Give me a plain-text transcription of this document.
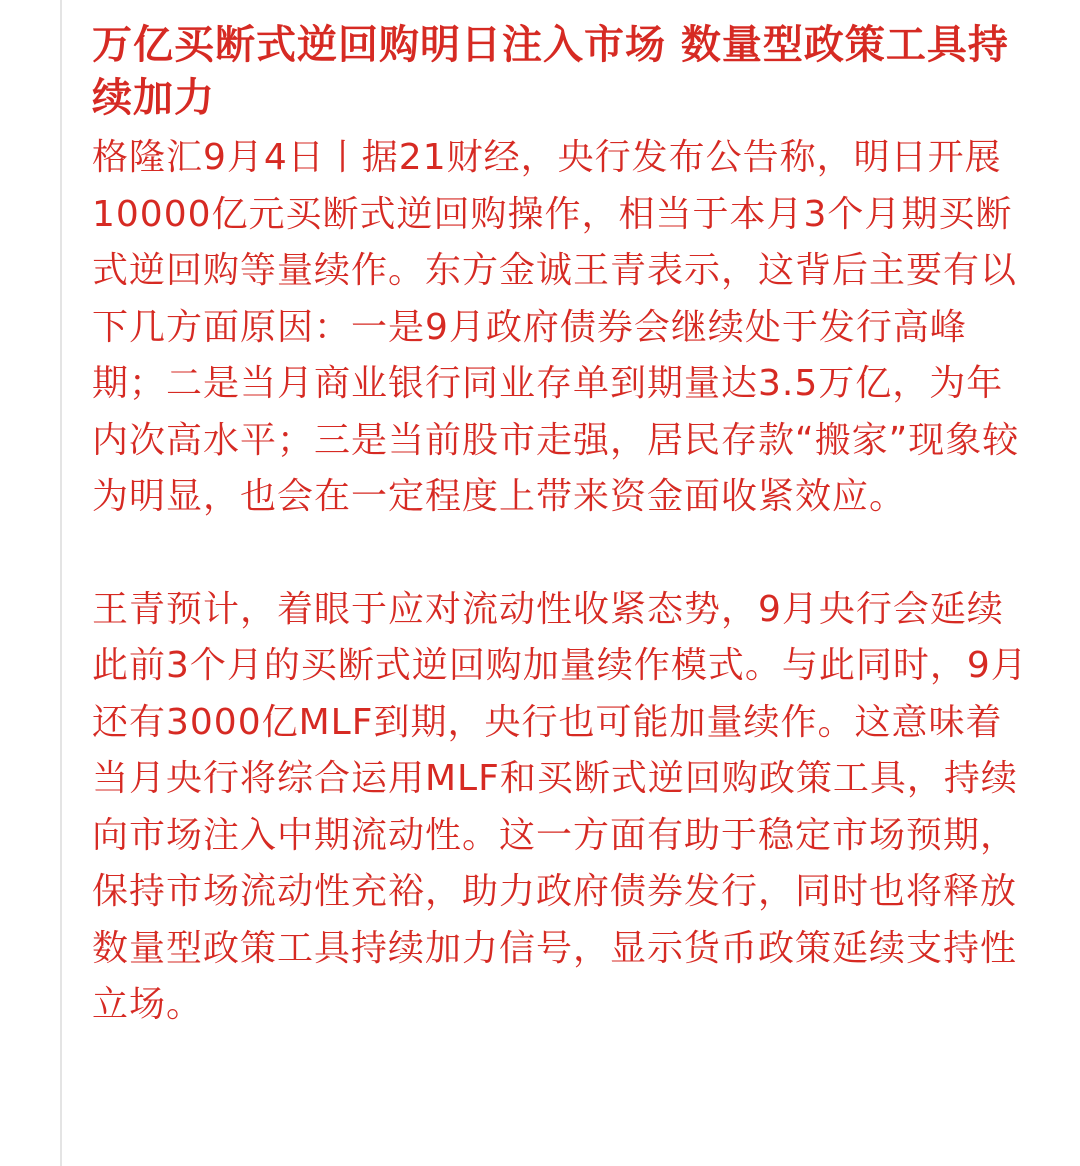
万亿买断式逆回购明日注入市场 数量型政策工具持续加力

格隆汇9月4日丨据21财经，央行发布公告称，明日开展10000亿元买断式逆回购操作，相当于本月3个月期买断式逆回购等量续作。东方金诚王青表示，这背后主要有以下几方面原因：一是9月政府债券会继续处于发行高峰期；二是当月商业银行同业存单到期量达3.5万亿，为年内次高水平；三是当前股市走强，居民存款“搬家”现象较为明显，也会在一定程度上带来资金面收紧效应。

王青预计，着眼于应对流动性收紧态势，9月央行会延续此前3个月的买断式逆回购加量续作模式。与此同时，9月还有3000亿MLF到期，央行也可能加量续作。这意味着当月央行将综合运用MLF和买断式逆回购政策工具，持续向市场注入中期流动性。这一方面有助于稳定市场预期，保持市场流动性充裕，助力政府债券发行，同时也将释放数量型政策工具持续加力信号，显示货币政策延续支持性立场。
